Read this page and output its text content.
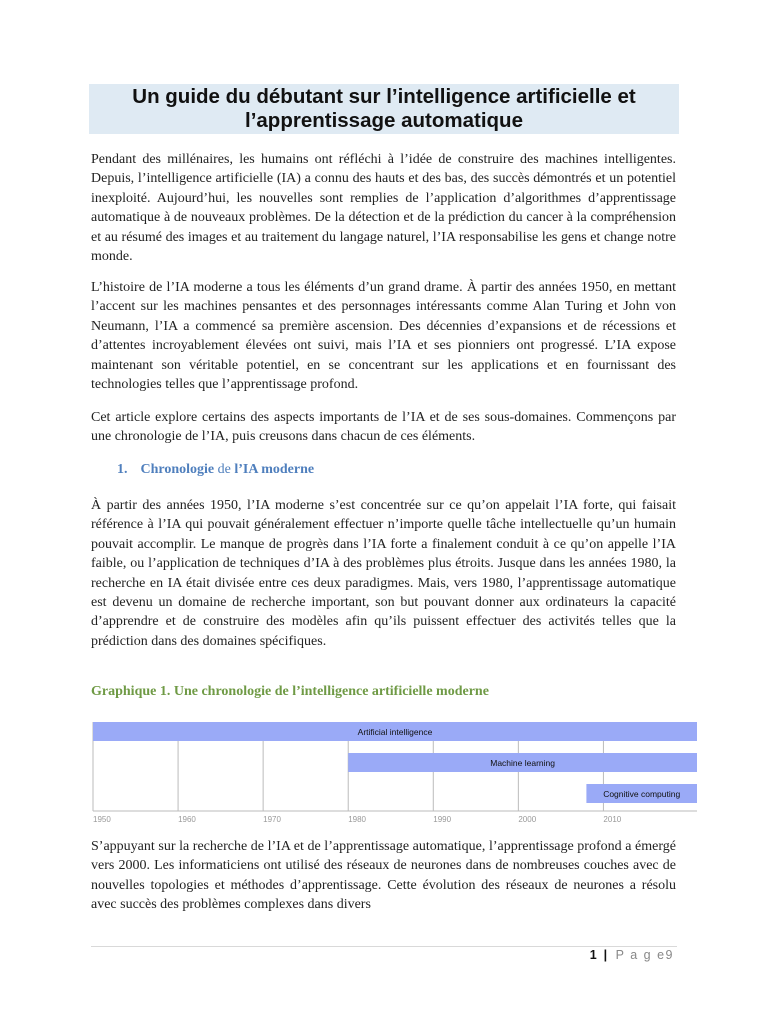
Un guide du débutant sur l’intelligence artificielle et l’apprentissage automatique

Pendant des millénaires, les humains ont réfléchi à l’idée de construire des machines intelligentes. Depuis, l’intelligence artificielle (IA) a connu des hauts et des bas, des succès démontrés et un potentiel inexploité. Aujourd’hui, les nouvelles sont remplies de l’application d’algorithmes d’apprentissage automatique à de nouveaux problèmes. De la détection et de la prédiction du cancer à la compréhension et au résumé des images et au traitement du langage naturel, l’IA responsabilise les gens et change notre monde.

L’histoire de l’IA moderne a tous les éléments d’un grand drame. À partir des années 1950, en mettant l’accent sur les machines pensantes et des personnages intéressants comme Alan Turing et John von Neumann, l’IA a commencé sa première ascension. Des décennies d’expansions et de récessions et d’attentes incroyablement élevées ont suivi, mais l’IA et ses pionniers ont progressé. L’IA expose maintenant son véritable potentiel, en se concentrant sur les applications et en fournissant des technologies telles que l’apprentissage profond.

Cet article explore certains des aspects importants de l’IA et de ses sous-domaines. Commençons par une chronologie de l’IA, puis creusons dans chacun de ces éléments.

1. Chronologie de l’IA moderne

À partir des années 1950, l’IA moderne s’est concentrée sur ce qu’on appelait l’IA forte, qui faisait référence à l’IA qui pouvait généralement effectuer n’importe quelle tâche intellectuelle qu’un humain pouvait accomplir. Le manque de progrès dans l’IA forte a finalement conduit à ce qu’on appelle l’IA faible, ou l’application de techniques d’IA à des problèmes plus étroits. Jusque dans les années 1980, la recherche en IA était divisée entre ces deux paradigmes. Mais, vers 1980, l’apprentissage automatique est devenu un domaine de recherche important, son but pouvant donner aux ordinateurs la capacité d’apprendre et de construire des modèles afin qu’ils puissent effectuer des activités telles que la prédiction dans des domaines spécifiques.

Graphique 1. Une chronologie de l’intelligence artificielle moderne

1950	1960	1970	1980	1990	2000	2010
Artificial intelligence
Machine learning
Cognitive computing

S’appuyant sur la recherche de l’IA et de l’apprentissage automatique, l’apprentissage profond a émergé vers 2000. Les informaticiens ont utilisé des réseaux de neurones dans de nombreuses couches avec de nouvelles topologies et méthodes d’apprentissage. Cette évolution des réseaux de neurones a résolu avec succès des problèmes complexes dans divers

1 | P a g e9
